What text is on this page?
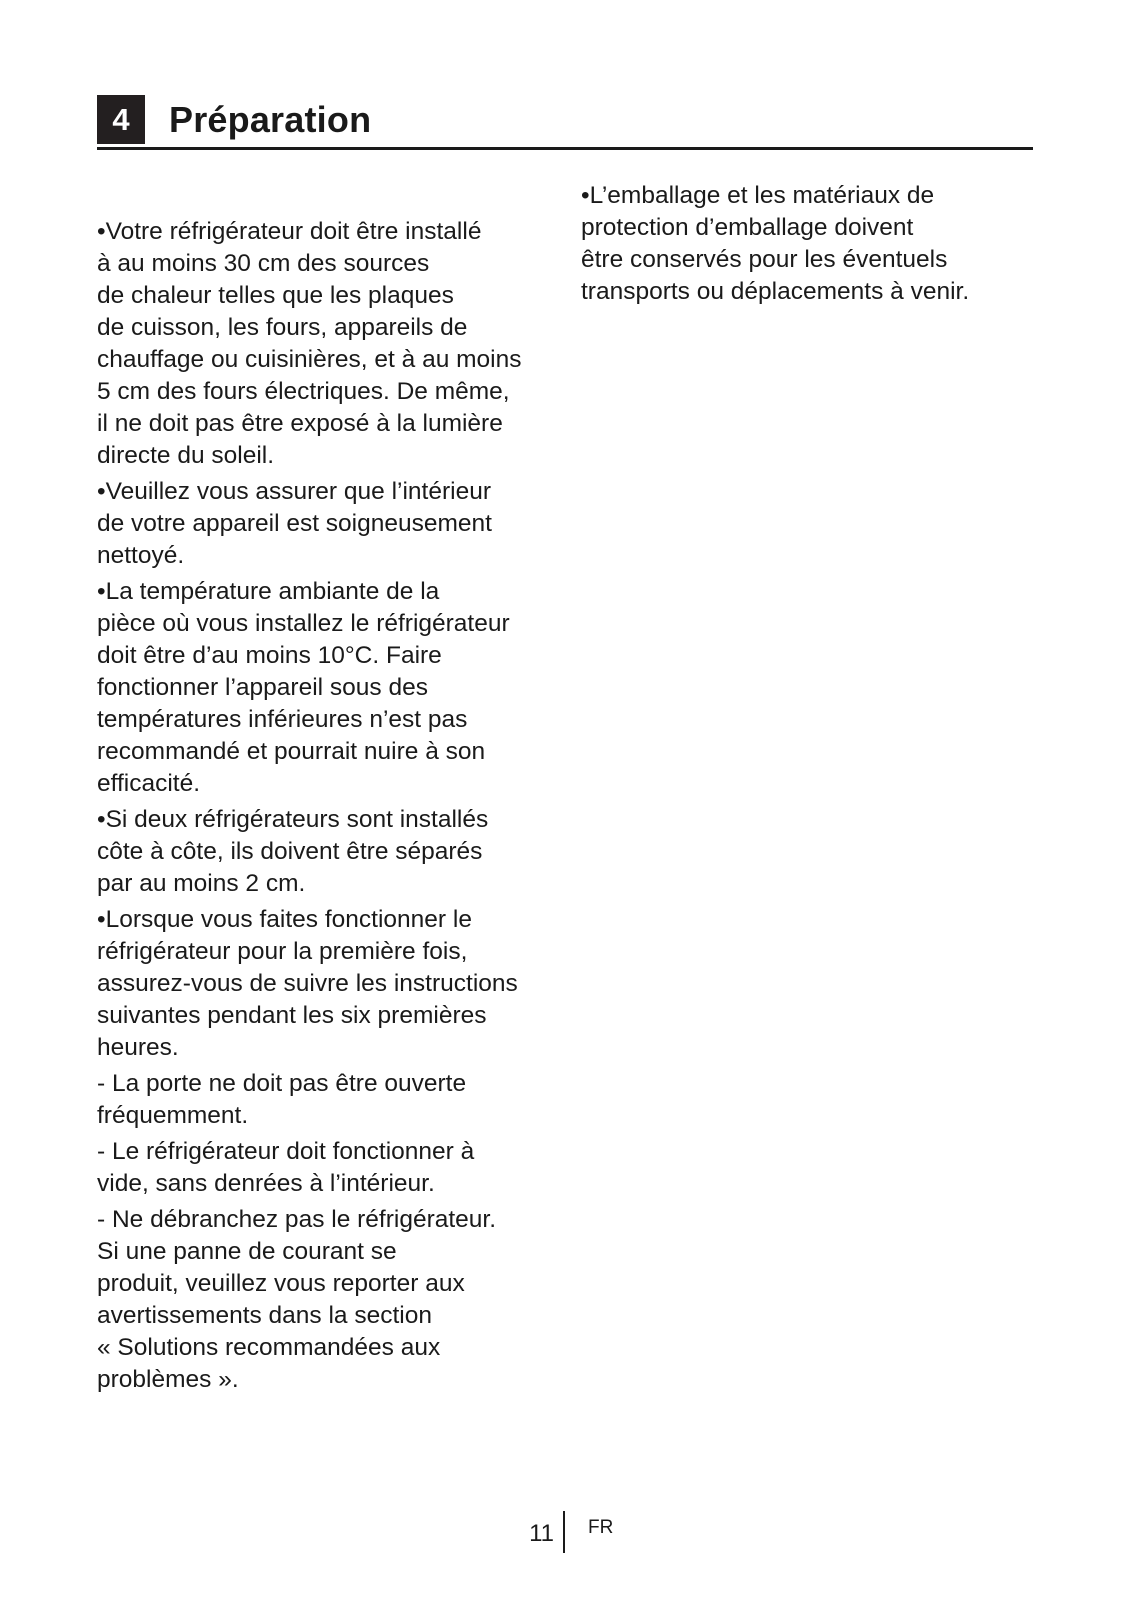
4	Préparation

•Votre réfrigérateur doit être installé
à au moins 30 cm des sources
de chaleur telles que les plaques
de cuisson, les fours, appareils de
chauffage ou cuisinières, et à au moins
5 cm des fours électriques. De même,
il ne doit pas être exposé à la lumière
directe du soleil.

•Veuillez vous assurer que l’intérieur
de votre appareil est soigneusement
nettoyé.

•La température ambiante de la
pièce où vous installez le réfrigérateur
doit être d’au moins 10°C. Faire
fonctionner l’appareil sous des
températures inférieures n’est pas
recommandé et pourrait nuire à son
efficacité.

•Si deux réfrigérateurs sont installés
côte à côte, ils doivent être séparés
par au moins 2 cm.

•Lorsque vous faites fonctionner le
réfrigérateur pour la première fois,
assurez-vous de suivre les instructions
suivantes pendant les six premières
heures.

- La porte ne doit pas être ouverte
fréquemment.

- Le réfrigérateur doit fonctionner à
vide, sans denrées à l’intérieur.

- Ne débranchez pas le réfrigérateur.
Si une panne de courant se
produit, veuillez vous reporter aux
avertissements dans la section
« Solutions recommandées aux
problèmes ».

•L’emballage et les matériaux de
protection d’emballage doivent
être conservés pour les éventuels
transports ou déplacements à venir.

11 FR
